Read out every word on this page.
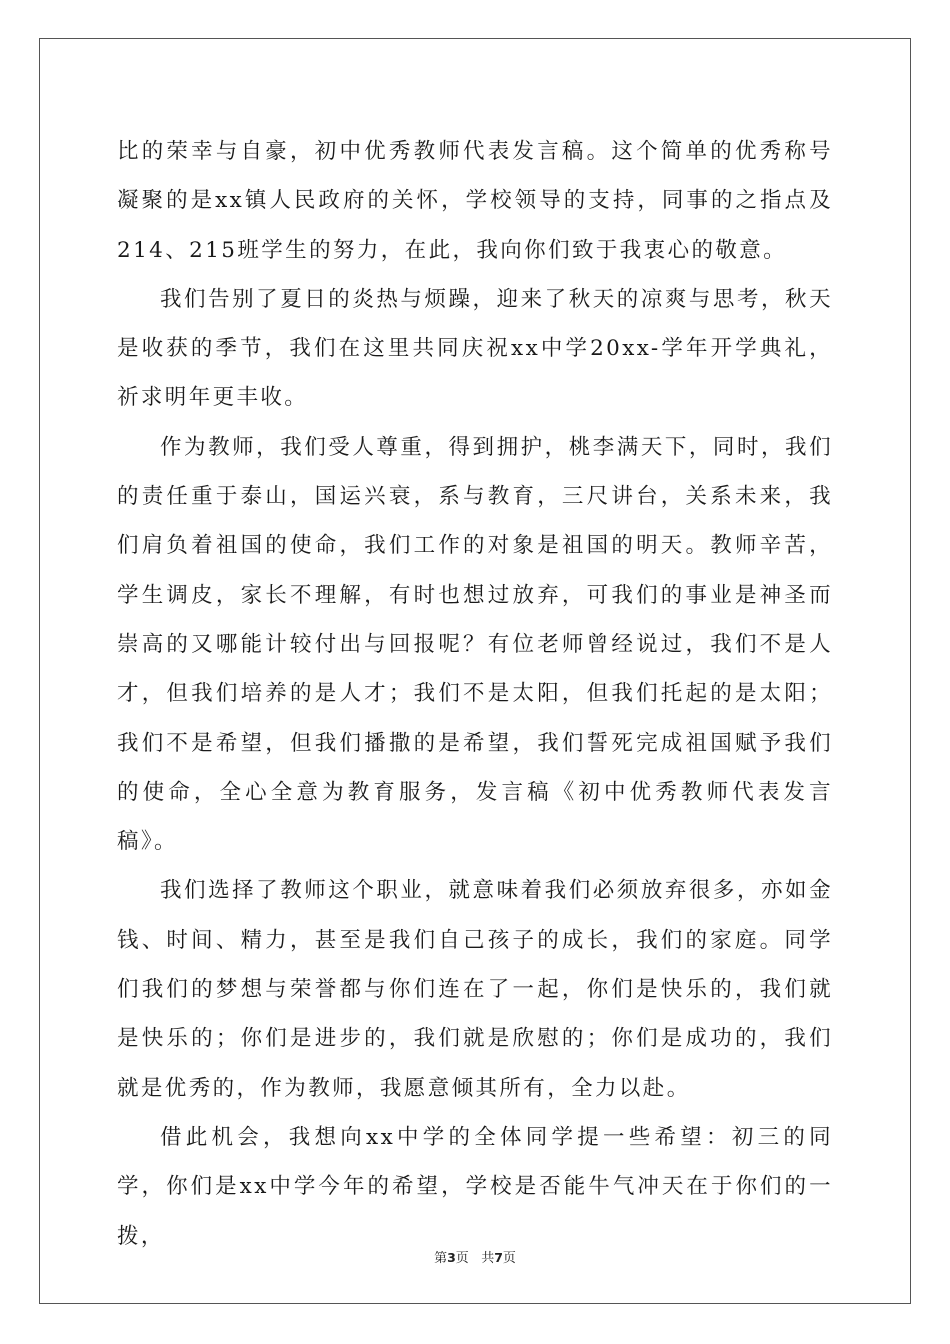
比的荣幸与自豪，初中优秀教师代表发言稿。这个简单的优秀称号凝聚的是xx镇人民政府的关怀，学校领导的支持，同事的之指点及214、215班学生的努力，在此，我向你们致于我衷心的敬意。

我们告别了夏日的炎热与烦躁，迎来了秋天的凉爽与思考，秋天是收获的季节，我们在这里共同庆祝xx中学20xx-学年开学典礼，祈求明年更丰收。

作为教师，我们受人尊重，得到拥护，桃李满天下，同时，我们的责任重于泰山，国运兴衰，系与教育，三尺讲台，关系未来，我们肩负着祖国的使命，我们工作的对象是祖国的明天。教师辛苦，学生调皮，家长不理解，有时也想过放弃，可我们的事业是神圣而崇高的又哪能计较付出与回报呢？有位老师曾经说过，我们不是人才，但我们培养的是人才；我们不是太阳，但我们托起的是太阳；我们不是希望，但我们播撒的是希望，我们誓死完成祖国赋予我们的使命，全心全意为教育服务，发言稿《初中优秀教师代表发言稿》。

我们选择了教师这个职业，就意味着我们必须放弃很多，亦如金钱、时间、精力，甚至是我们自己孩子的成长，我们的家庭。同学们我们的梦想与荣誉都与你们连在了一起，你们是快乐的，我们就是快乐的；你们是进步的，我们就是欣慰的；你们是成功的，我们就是优秀的，作为教师，我愿意倾其所有，全力以赴。

借此机会，我想向xx中学的全体同学提一些希望：初三的同学，你们是xx中学今年的希望，学校是否能牛气冲天在于你们的一拨，

第3页   共7页
